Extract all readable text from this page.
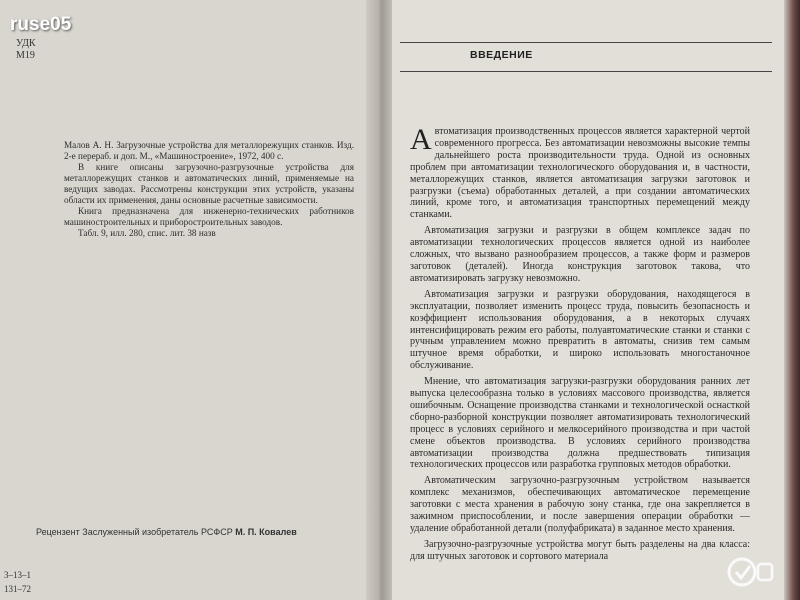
УДК
М19

Малов А. Н. Загрузочные устройства для металлорежущих станков. Изд. 2-е перераб. и доп. М., «Машиностроение», 1972, 400 с.

В книге описаны загрузочно-разгрузочные устройства для металлорежущих станков и автоматических линий, применяемые на ведущих заводах. Рассмотрены конструкции этих устройств, указаны области их применения, даны основные расчетные зависимости.

Книга предназначена для инженерно-технических работников машиностроительных и приборостроительных заводов.

Табл. 9, илл. 280, спис. лит. 38 назв

Рецензент Заслуженный изобретатель РСФСР М. П. Ковалев
3–13–1
131–72
ВВЕДЕНИЕ

Автоматизация производственных процессов является характерной чертой современного прогресса. Без автоматизации невозможны высокие темпы дальнейшего роста производительности труда. Одной из основных проблем при автоматизации технологического оборудования и, в частности, металлорежущих станков, является автоматизация загрузки заготовок и разгрузки (съема) обработанных деталей, а при создании автоматических линий, кроме того, и автоматизация транспортных перемещений между станками.

Автоматизация загрузки и разгрузки в общем комплексе задач по автоматизации технологических процессов является одной из наиболее сложных, что вызвано разнообразием процессов, а также форм и размеров заготовок (деталей). Иногда конструкция заготовок такова, что автоматизировать загрузку невозможно.

Автоматизация загрузки и разгрузки оборудования, находящегося в эксплуатации, позволяет изменить процесс труда, повысить безопасность и коэффициент использования оборудования, а в некоторых случаях интенсифицировать режим его работы, полуавтоматические станки и станки с ручным управлением можно превратить в автоматы, снизив тем самым штучное время обработки, и широко использовать многостаночное обслуживание.

Мнение, что автоматизация загрузки-разгрузки оборудования ранних лет выпуска целесообразна только в условиях массового производства, является ошибочным. Оснащение производства станками и технологической оснасткой сборно-разборной конструкции позволяет автоматизировать технологический процесс в условиях серийного и мелкосерийного производства и при частой смене объектов производства. В условиях серийного производства автоматизации производства должна предшествовать типизация технологических процессов или разработка групповых методов обработки.

Автоматическим загрузочно-разгрузочным устройством называется комплекс механизмов, обеспечивающих автоматическое перемещение заготовки с места хранения в рабочую зону станка, где она закрепляется в зажимном приспособлении, и после завершения операции обработки — удаление обработанной детали (полуфабриката) в заданное место хранения.

Загрузочно-разгрузочные устройства могут быть разделены на два класса: для штучных заготовок и сортового материала

ruse05
